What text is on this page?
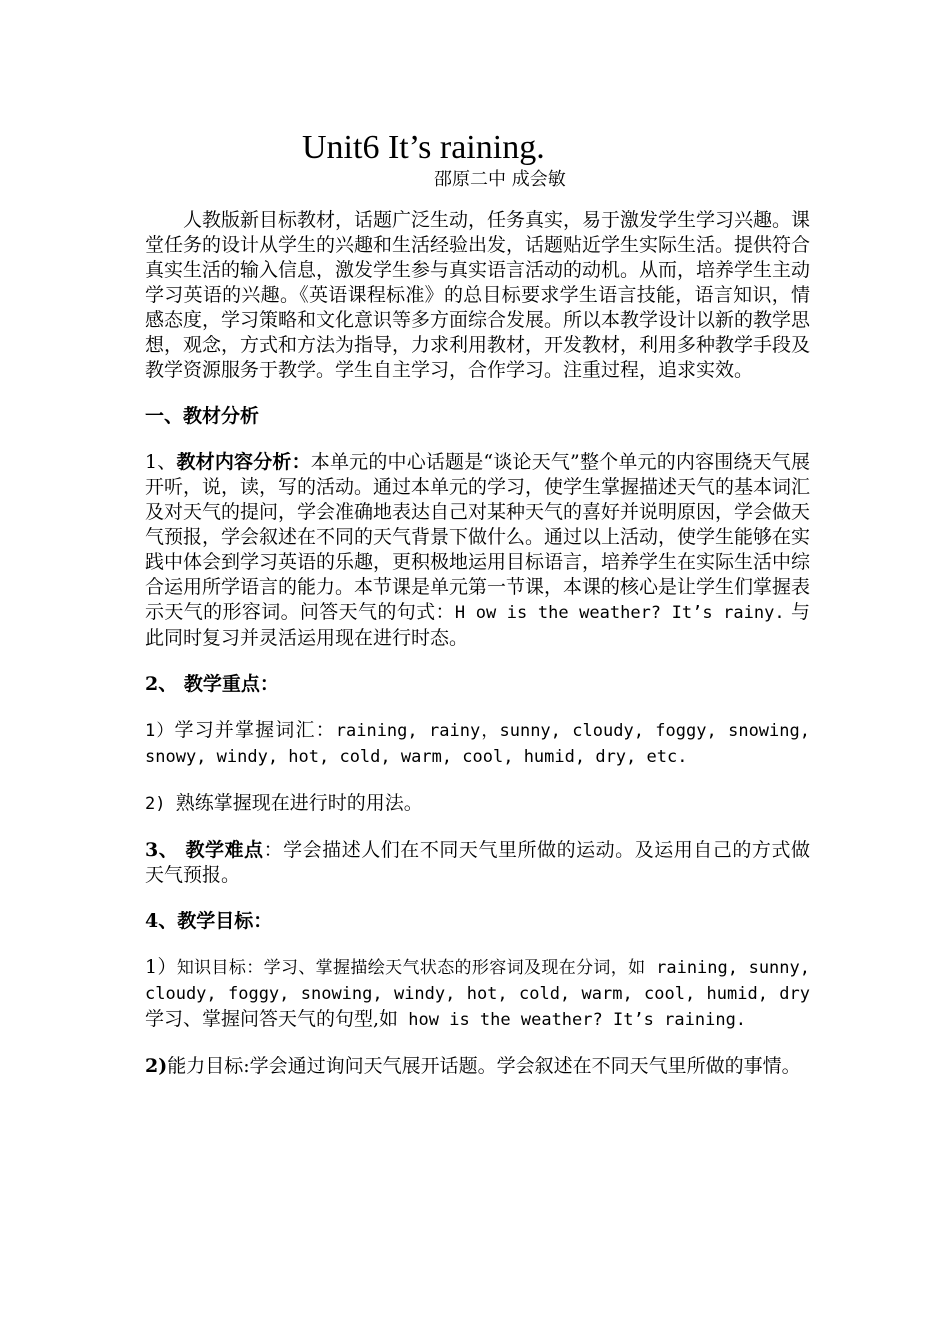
Unit6 It’s raining.
邵原二中 成会敏
人教版新目标教材，话题广泛生动，任务真实，易于激发学生学习兴趣。课堂任务的设计从学生的兴趣和生活经验出发，话题贴近学生实际生活。提供符合真实生活的输入信息，激发学生参与真实语言活动的动机。从而，培养学生主动学习英语的兴趣。《英语课程标准》的总目标要求学生语言技能，语言知识，情感态度，学习策略和文化意识等多方面综合发展。所以本教学设计以新的教学思想，观念，方式和方法为指导，力求利用教材，开发教材，利用多种教学手段及教学资源服务于教学。学生自主学习，合作学习。注重过程，追求实效。
一、教材分析
1、教材内容分析：本单元的中心话题是“谈论天气”整个单元的内容围绕天气展开听，说，读，写的活动。通过本单元的学习，使学生掌握描述天气的基本词汇及对天气的提问，学会准确地表达自己对某种天气的喜好并说明原因，学会做天气预报，学会叙述在不同的天气背景下做什么。通过以上活动，使学生能够在实践中体会到学习英语的乐趣，更积极地运用目标语言，培养学生在实际生活中综合运用所学语言的能力。本节课是单元第一节课，本课的核心是让学生们掌握表示天气的形容词。问答天气的句式：H ow is the weather? It’s rainy. 与此同时复习并灵活运用现在进行时态。
2、 教学重点：
1）学习并掌握词汇：raining, rainy，sunny, cloudy, foggy, snowing, snowy, windy, hot, cold, warm, cool, humid, dry, etc.
2) 熟练掌握现在进行时的用法。
3、 教学难点：学会描述人们在不同天气里所做的运动。及运用自己的方式做天气预报。
4、教学目标：
1）知识目标：学习、掌握描绘天气状态的形容词及现在分词，如 raining, sunny, cloudy, foggy, snowing, windy, hot, cold, warm, cool, humid, dry 学习、掌握问答天气的句型,如 how is the weather? It’s raining.
2)能力目标:学会通过询问天气展开话题。学会叙述在不同天气里所做的事情。
